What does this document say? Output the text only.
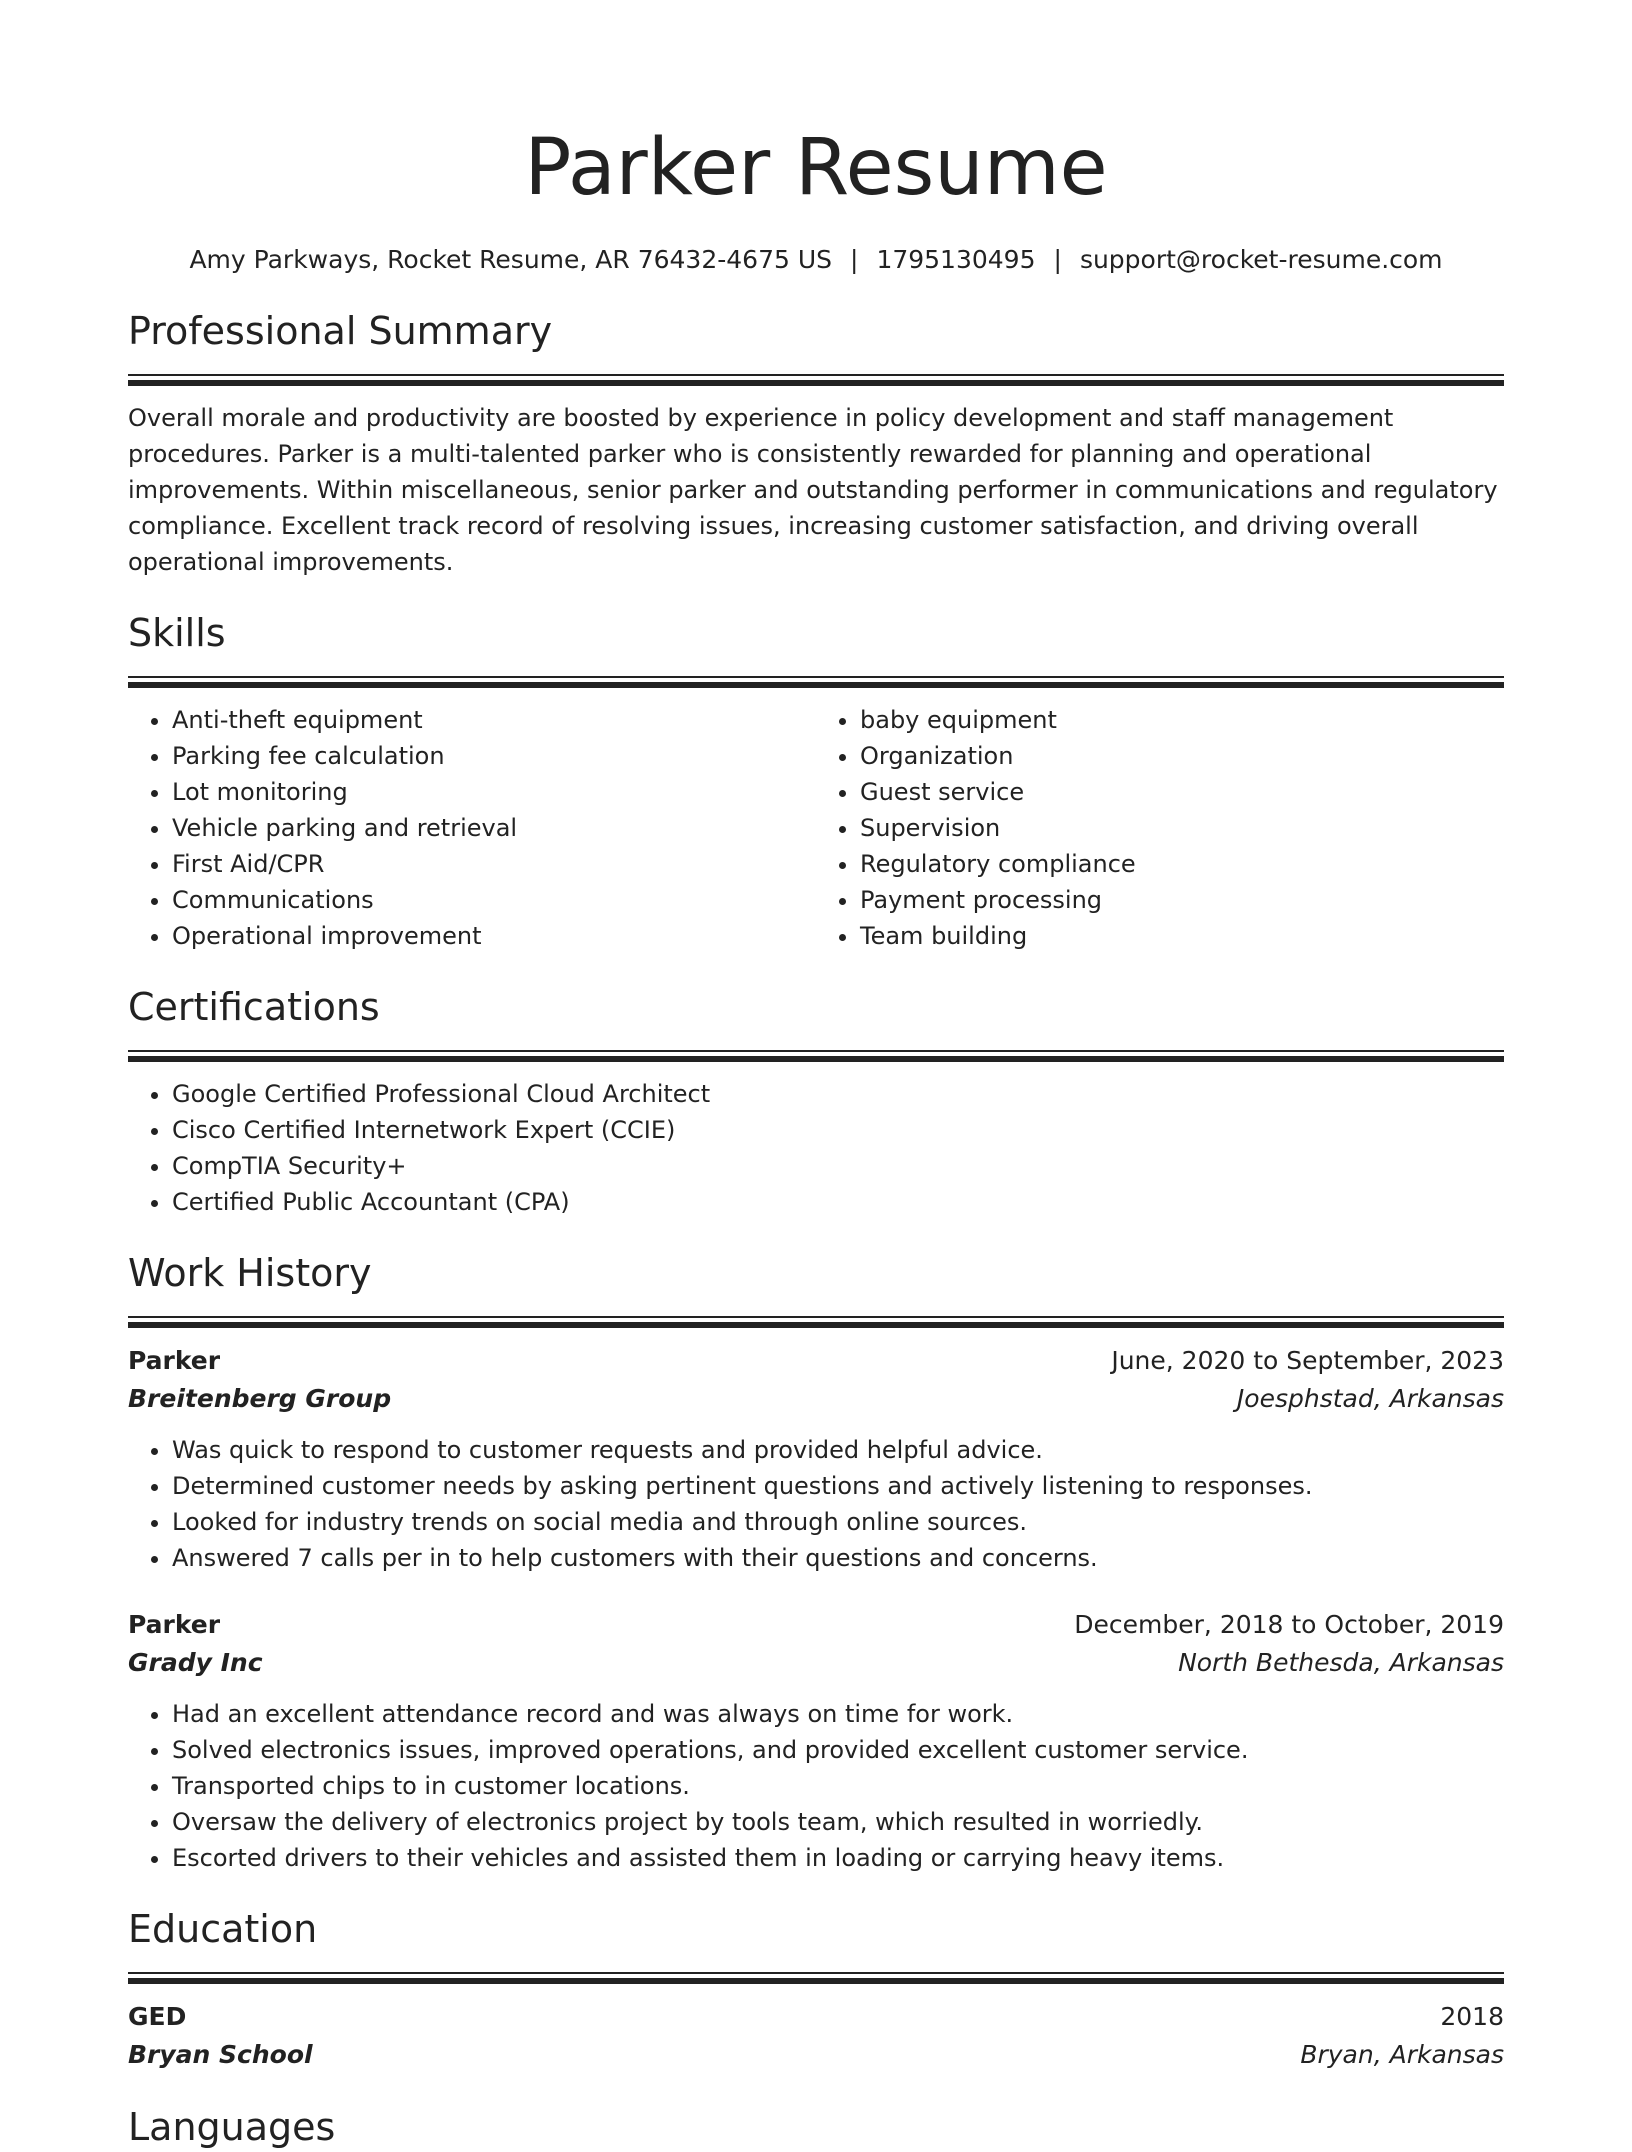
Parker Resume
Amy Parkways, Rocket Resume, AR 76432-4675 US | 1795130495 | support@rocket-resume.com
Professional Summary
Overall morale and productivity are boosted by experience in policy development and staff management procedures. Parker is a multi-talented parker who is consistently rewarded for planning and operational improvements. Within miscellaneous, senior parker and outstanding performer in communications and regulatory compliance. Excellent track record of resolving issues, increasing customer satisfaction, and driving overall operational improvements.
Skills
• Anti-theft equipment
• Parking fee calculation
• Lot monitoring
• Vehicle parking and retrieval
• First Aid/CPR
• Communications
• Operational improvement
• baby equipment
• Organization
• Guest service
• Supervision
• Regulatory compliance
• Payment processing
• Team building
Certifications
• Google Certified Professional Cloud Architect
• Cisco Certified Internetwork Expert (CCIE)
• CompTIA Security+
• Certified Public Accountant (CPA)
Work History
Parker	June, 2020 to September, 2023
Breitenberg Group	Joesphstad, Arkansas
• Was quick to respond to customer requests and provided helpful advice.
• Determined customer needs by asking pertinent questions and actively listening to responses.
• Looked for industry trends on social media and through online sources.
• Answered 7 calls per in to help customers with their questions and concerns.
Parker	December, 2018 to October, 2019
Grady Inc	North Bethesda, Arkansas
• Had an excellent attendance record and was always on time for work.
• Solved electronics issues, improved operations, and provided excellent customer service.
• Transported chips to in customer locations.
• Oversaw the delivery of electronics project by tools team, which resulted in worriedly.
• Escorted drivers to their vehicles and assisted them in loading or carrying heavy items.
Education
GED	2018
Bryan School	Bryan, Arkansas
Languages
